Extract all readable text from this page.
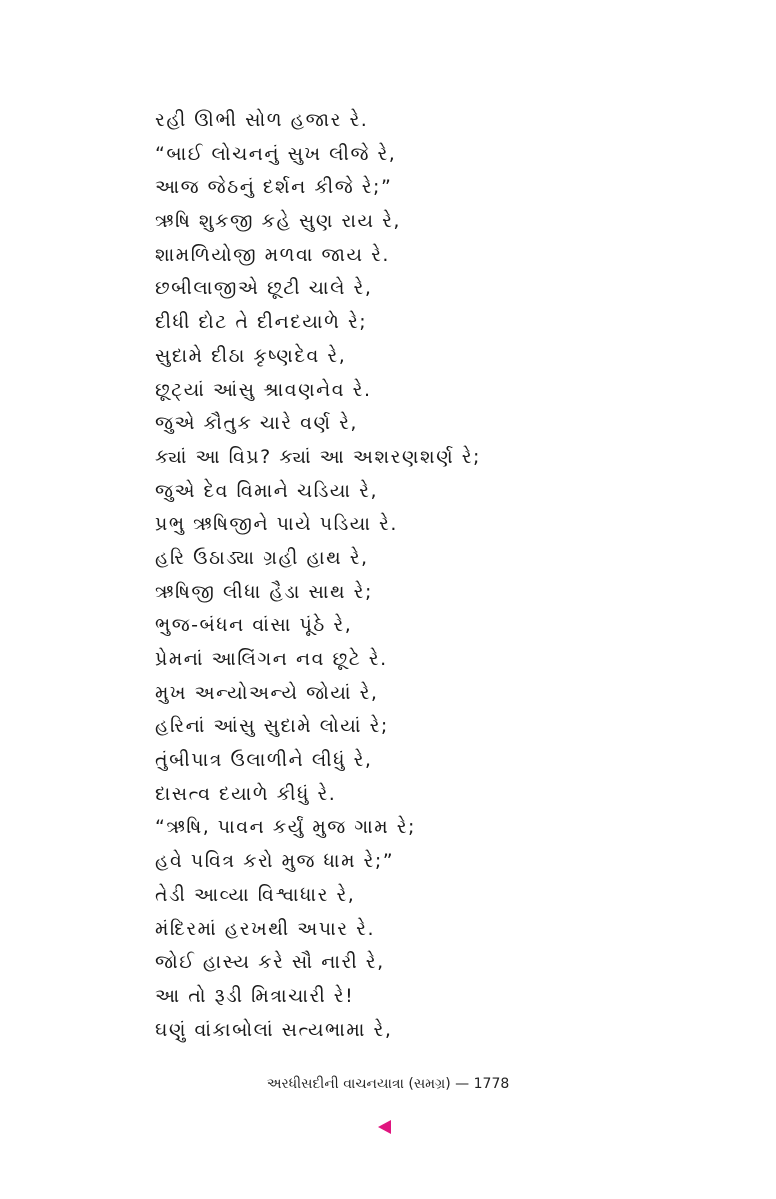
રહી ઊભી સોળ હજાર રે.
“બાઈ લોચનનું સુખ લીજે રે,
આજ જેઠનું દર્શન કીજે રે;”
ઋષિ શુકજી કહે સુણ રાય રે,
શામળિયોજી મળવા જાય રે.
છબીલાજીએ છૂટી ચાલે રે,
દીધી દોટ તે દીનદયાળે રે;
સુદામે દીઠા કૃષ્ણદેવ રે,
છૂટ્યાં આંસુ શ્રાવણનેવ રે.
જુએ કૌતુક ચારે વર્ણ રે,
ક્યાં આ વિપ્ર? ક્યાં આ અશરણશર્ણ રે;
જુએ દેવ વિમાને ચડિયા રે,
પ્રભુ ઋષિજીને પાયે પડિયા રે.
હરિ ઉઠાડ્યા ગ્રહી હાથ રે,
ઋષિજી લીધા હૈડા સાથ રે;
ભુજ-બંધન વાંસા પૂંઠે રે,
પ્રેમનાં આલિંગન નવ છૂટે રે.
મુખ અન્યોઅન્યે જોયાં રે,
હરિનાં આંસુ સુદામે લોયાં રે;
તુંબીપાત્ર ઉલાળીને લીધું રે,
દાસત્વ દયાળે કીધું રે.
“ઋષિ, પાવન કર્યું મુજ ગામ રે;
હવે પવિત્ર કરો મુજ ધામ રે;”
તેડી આવ્યા વિશ્વાધાર રે,
મંદિરમાં હરખથી અપાર રે.
જોઈ હાસ્ય કરે સૌ નારી રે,
આ તો રૂડી મિત્રાચારી રે!
ઘણું વાંકાબોલાં સત્યભામા રે,
અરધીસદીની વાચનયાત્રા (સમગ્ર) — 1778
